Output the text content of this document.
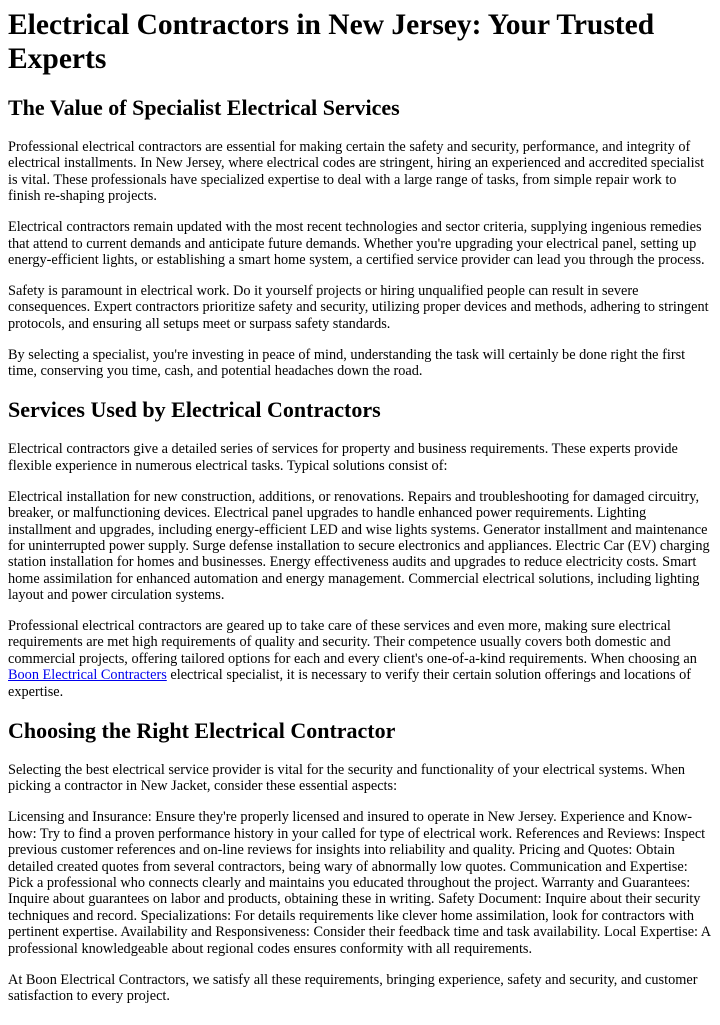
Electrical Contractors in New Jersey: Your Trusted Experts
The Value of Specialist Electrical Services

Professional electrical contractors are essential for making certain the safety and security, performance, and integrity of electrical installments. In New Jersey, where electrical codes are stringent, hiring an experienced and accredited specialist is vital. These professionals have specialized expertise to deal with a large range of tasks, from simple repair work to finish re-shaping projects.

Electrical contractors remain updated with the most recent technologies and sector criteria, supplying ingenious remedies that attend to current demands and anticipate future demands. Whether you're upgrading your electrical panel, setting up energy-efficient lights, or establishing a smart home system, a certified service provider can lead you through the process.

Safety is paramount in electrical work. Do it yourself projects or hiring unqualified people can result in severe consequences. Expert contractors prioritize safety and security, utilizing proper devices and methods, adhering to stringent protocols, and ensuring all setups meet or surpass safety standards.

By selecting a specialist, you're investing in peace of mind, understanding the task will certainly be done right the first time, conserving you time, cash, and potential headaches down the road.

Services Used by Electrical Contractors

Electrical contractors give a detailed series of services for property and business requirements. These experts provide flexible experience in numerous electrical tasks. Typical solutions consist of:

Electrical installation for new construction, additions, or renovations. Repairs and troubleshooting for damaged circuitry, breaker, or malfunctioning devices. Electrical panel upgrades to handle enhanced power requirements. Lighting installment and upgrades, including energy-efficient LED and wise lights systems. Generator installment and maintenance for uninterrupted power supply. Surge defense installation to secure electronics and appliances. Electric Car (EV) charging station installation for homes and businesses. Energy effectiveness audits and upgrades to reduce electricity costs. Smart home assimilation for enhanced automation and energy management. Commercial electrical solutions, including lighting layout and power circulation systems.

Professional electrical contractors are geared up to take care of these services and even more, making sure electrical requirements are met high requirements of quality and security. Their competence usually covers both domestic and commercial projects, offering tailored options for each and every client's one-of-a-kind requirements. When choosing an Boon Electrical Contracters electrical specialist, it is necessary to verify their certain solution offerings and locations of expertise.

Choosing the Right Electrical Contractor

Selecting the best electrical service provider is vital for the security and functionality of your electrical systems. When picking a contractor in New Jacket, consider these essential aspects:

Licensing and Insurance: Ensure they're properly licensed and insured to operate in New Jersey. Experience and Know-how: Try to find a proven performance history in your called for type of electrical work. References and Reviews: Inspect previous customer references and on-line reviews for insights into reliability and quality. Pricing and Quotes: Obtain detailed created quotes from several contractors, being wary of abnormally low quotes. Communication and Expertise: Pick a professional who connects clearly and maintains you educated throughout the project. Warranty and Guarantees: Inquire about guarantees on labor and products, obtaining these in writing. Safety Document: Inquire about their security techniques and record. Specializations: For details requirements like clever home assimilation, look for contractors with pertinent expertise. Availability and Responsiveness: Consider their feedback time and task availability. Local Expertise: A professional knowledgeable about regional codes ensures conformity with all requirements.

At Boon Electrical Contractors, we satisfy all these requirements, bringing experience, safety and security, and customer satisfaction to every project.
